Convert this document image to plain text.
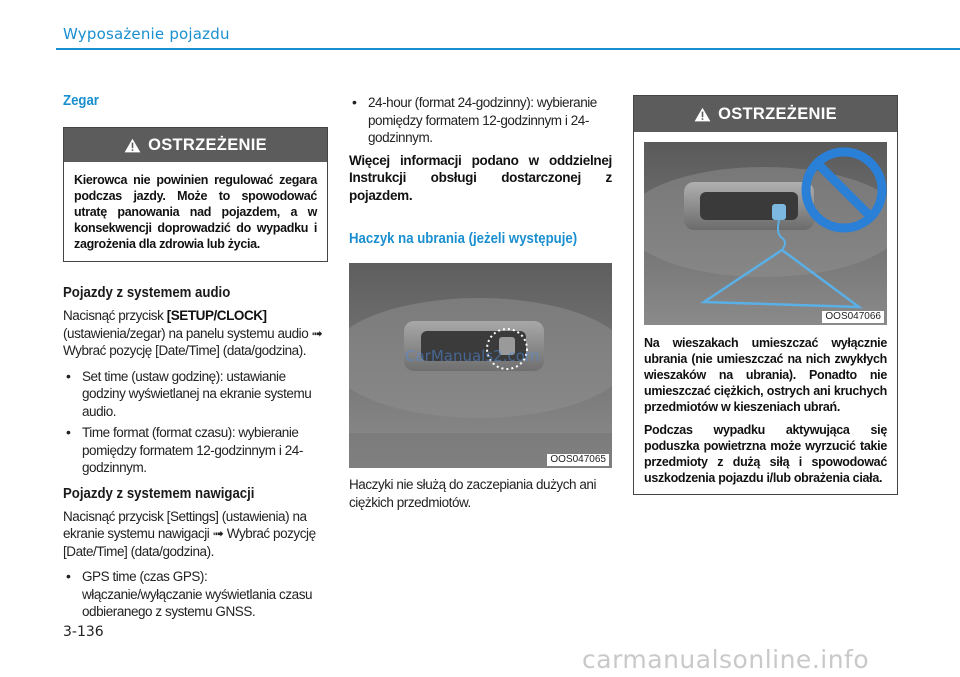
Wyposażenie pojazdu
Zegar
OSTRZEŻENIE
Kierowca nie powinien regulować zegara podczas jazdy. Może to spowodować utratę panowania nad pojazdem, a w konsekwencji doprowadzić do wypadku i zagrożenia dla zdrowia lub życia.
Pojazdy z systemem audio

Nacisnąć przycisk [SETUP/CLOCK] (ustawienia/zegar) na panelu systemu audio ➟ Wybrać pozycję [Date/Time] (data/godzina).

• Set time (ustaw godzinę): ustawianie godziny wyświetlanej na ekranie systemu audio.
• Time format (format czasu): wybieranie pomiędzy formatem 12-godzinnym i 24-godzinnym.
Pojazdy z systemem nawigacji

Nacisnąć przycisk [Settings] (ustawienia) na ekranie systemu nawigacji ➟ Wybrać pozycję [Date/Time] (data/godzina).

• GPS time (czas GPS): włączanie/wyłączanie wyświetlania czasu odbieranego z systemu GNSS.
• 24-hour (format 24-godzinny): wybieranie pomiędzy formatem 12-godzinnym i 24-godzinnym.

Więcej informacji podano w oddzielnej Instrukcji obsługi dostarczonej z pojazdem.

Haczyk na ubrania (jeżeli występuje)
CarManuals2.com
OOS047065

Haczyki nie służą do zaczepiania dużych ani ciężkich przedmiotów.

OSTRZEŻENIE
OOS047066

Na wieszakach umieszczać wyłącznie ubrania (nie umieszczać na nich zwykłych wieszaków na ubrania). Ponadto nie umieszczać ciężkich, ostrych ani kruchych przedmiotów w kieszeniach ubrań.

Podczas wypadku aktywująca się poduszka powietrzna może wyrzucić takie przedmioty z dużą siłą i spowodować uszkodzenia pojazdu i/lub obrażenia ciała.

3-136
carmanualsonline.info
